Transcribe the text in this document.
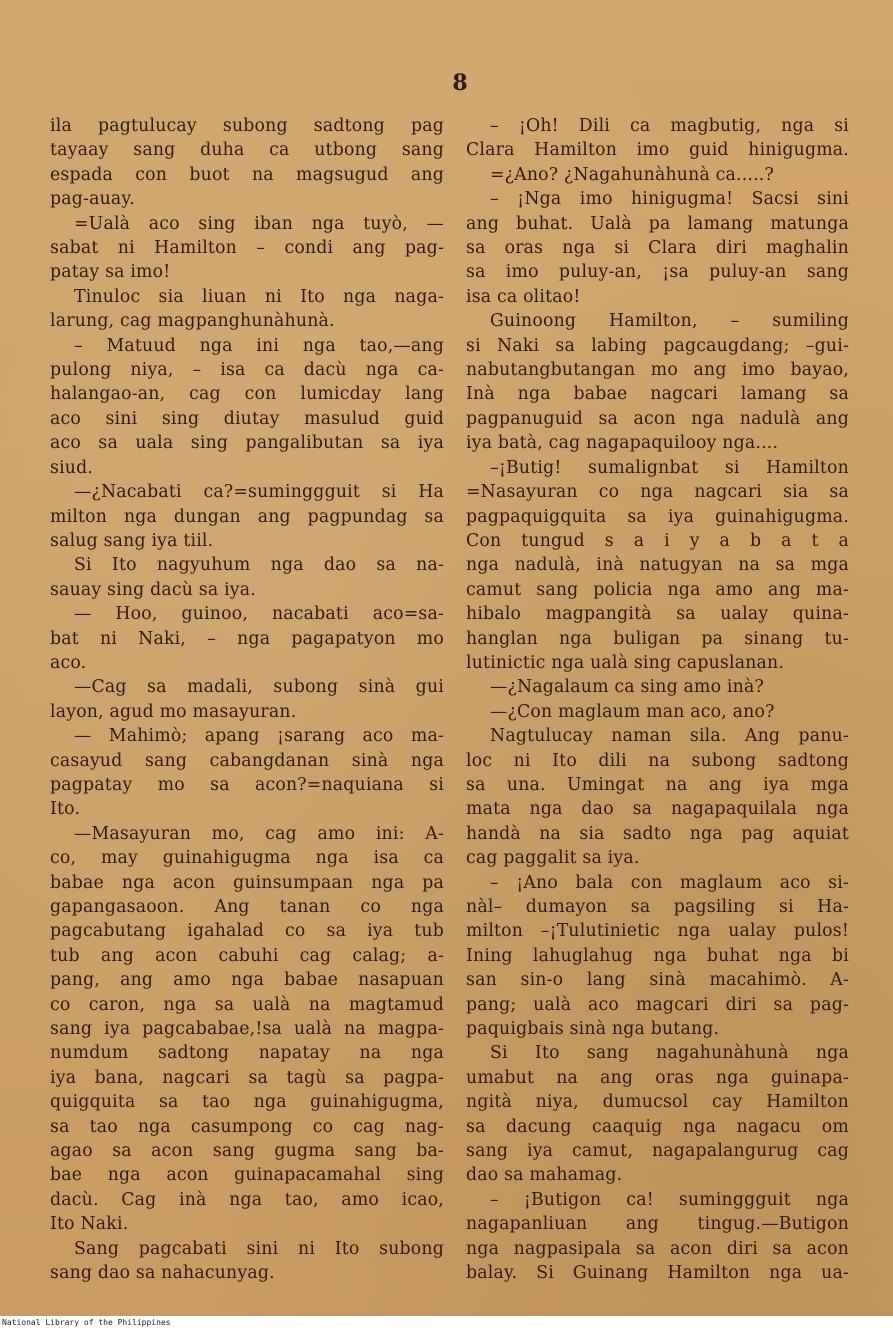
8
ila pagtulucay subong sadtong pag
tayaay sang duha ca utbong sang
espada con buot na magsugud ang
pag-auay.
=Ualà aco sing iban nga tuyò, —
sabat ni Hamilton – condi ang pag-
patay sa imo!
Tinuloc sia liuan ni Ito nga naga-
larung, cag magpanghunàhunà.
– Matuud nga ini nga tao,—ang
pulong niya, – isa ca dacù nga ca-
halangao-an, cag con lumicday lang
aco sini sing diutay masulud guid
aco sa uala sing pangalibutan sa iya
siud.
—¿Nacabati ca?=suminggguit si Ha
milton nga dungan ang pagpundag sa
salug sang iya tiil.
Si Ito nagyuhum nga dao sa na-
sauay sing dacù sa iya.
— Hoo, guinoo, nacabati aco=sa-
bat ni Naki, – nga pagapatyon mo
aco.
—Cag sa madali, subong sinà gui
layon, agud mo masayuran.
— Mahimò; apang ¡sarang aco ma-
casayud sang cabangdanan sinà nga
pagpatay mo sa acon?=naquiana si
Ito.
—Masayuran mo, cag amo ini: A-
co, may guinahigugma nga isa ca
babae nga acon guinsumpaan nga pa
gapangasaoon. Ang tanan co nga
pagcabutang igahalad co sa iya tub
tub ang acon cabuhi cag calag; a-
pang, ang amo nga babae nasapuan
co caron, nga sa ualà na magtamud
sang iya pagcababae,!sa ualà na magpa-
numdum sadtong napatay na nga
iya bana, nagcari sa tagù sa pagpa-
quigquita sa tao nga guinahigugma,
sa tao nga casumpong co cag nag-
agao sa acon sang gugma sang ba-
bae nga acon guinapacamahal sing
dacù. Cag inà nga tao, amo icao,
Ito Naki.
Sang pagcabati sini ni Ito subong
sang dao sa nahacunyag.
– ¡Oh! Dili ca magbutig, nga si
Clara Hamilton imo guid hinigugma.
=¿Ano? ¿Nagahunàhunà ca.....?
– ¡Nga imo hinigugma! Sacsi sini
ang buhat. Ualà pa lamang matunga
sa oras nga si Clara diri maghalin
sa imo puluy-an, ¡sa puluy-an sang
isa ca olitao!
Guinoong Hamilton, – sumiling
si Naki sa labing pagcaugdang; –gui-
nabutangbutangan mo ang imo bayao,
Inà nga babae nagcari lamang sa
pagpanuguid sa acon nga nadulà ang
iya batà, cag nagapaquilooy nga....
–¡Butig! sumalignbat si Hamilton
=Nasayuran co nga nagcari sia sa
pagpaquigquita sa iya guinahigugma.
Con tungud s a i y a b a t a
nga nadulà, inà natugyan na sa mga
camut sang policia nga amo ang ma-
hibalo magpangità sa ualay quina-
hanglan nga buligan pa sinang tu-
lutinictic nga ualà sing capuslanan.
—¿Nagalaum ca sing amo inà?
—¿Con maglaum man aco, ano?
Nagtulucay naman sila. Ang panu-
loc ni Ito dili na subong sadtong
sa una. Umingat na ang iya mga
mata nga dao sa nagapaquilala nga
handà na sia sadto nga pag aquiat
cag paggalit sa iya.
– ¡Ano bala con maglaum aco si-
nàl– dumayon sa pagsiling si Ha-
milton –¡Tulutinietic nga ualay pulos!
Ining lahuglahug nga buhat nga bi
san sin-o lang sinà macahimò. A-
pang; ualà aco magcari diri sa pag-
paquigbais sinà nga butang.
Si Ito sang nagahunàhunà nga
umabut na ang oras nga guinapa-
ngità niya, dumucsol cay Hamilton
sa dacung caaquig nga nagacu om
sang iya camut, nagapalangurug cag
dao sa mahamag.
– ¡Butigon ca! suminggguit nga
nagapanliuan ang tingug.—Butigon
nga nagpasipala sa acon diri sa acon
balay. Si Guinang Hamilton nga ua-
National Library of the Philippines
